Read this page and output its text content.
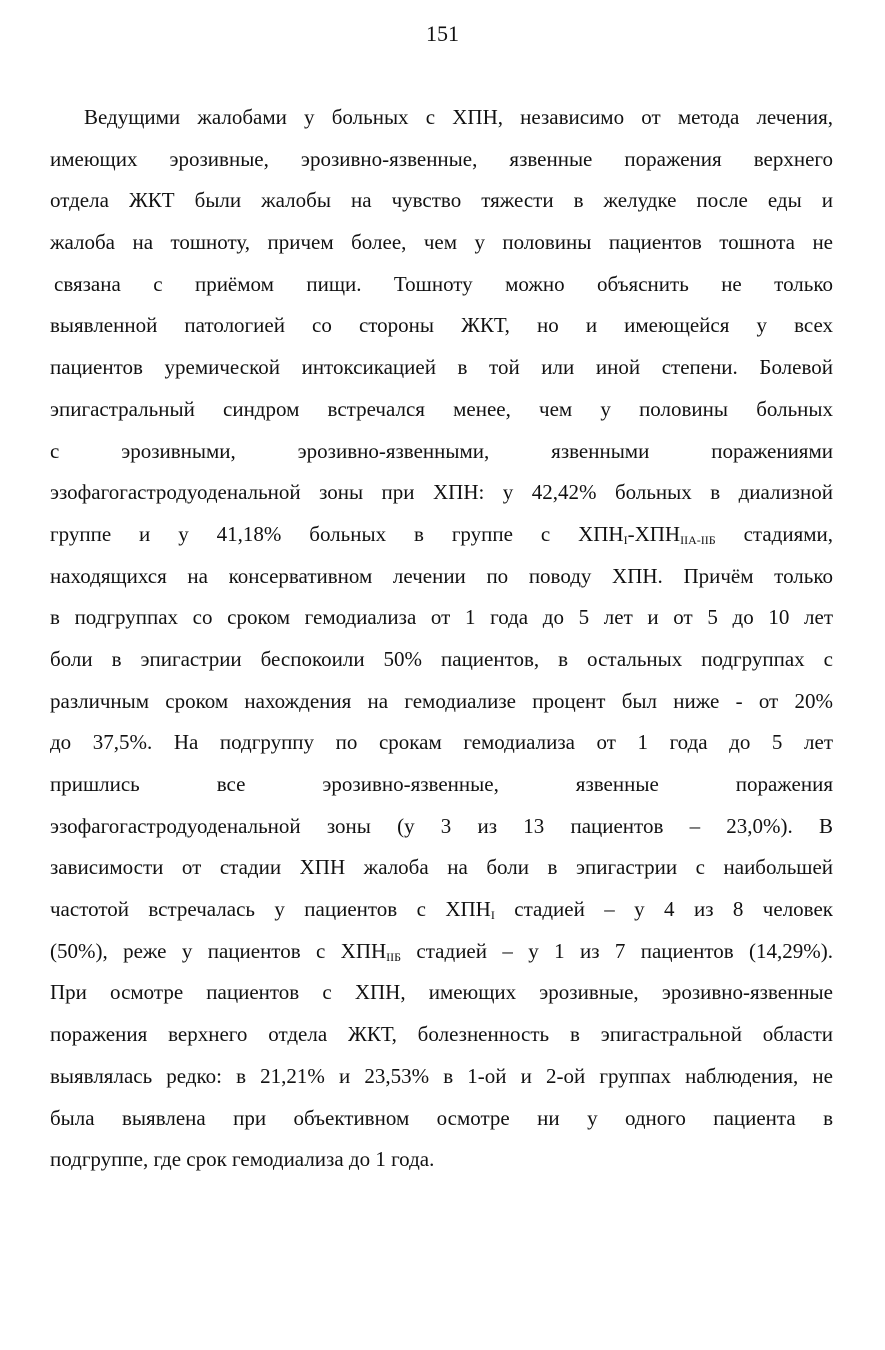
151
Ведущими жалобами у больных с ХПН, независимо от метода лечения,
имеющих эрозивные, эрозивно-язвенные, язвенные поражения верхнего
отдела ЖКТ были жалобы на чувство тяжести в желудке после еды и
жалоба на тошноту, причем более, чем у половины пациентов тошнота не
связана с приёмом пищи. Тошноту можно объяснить не только
выявленной патологией со стороны ЖКТ, но и имеющейся у всех
пациентов уремической интоксикацией в той или иной степени. Болевой
эпигастральный синдром встречался менее, чем у половины больных
с эрозивными, эрозивно-язвенными, язвенными поражениями
эзофагогастродуоденальной зоны при ХПН: у 42,42% больных в диализной
группе и у 41,18% больных в группе с $ХПН_I-ХПН_{IIA-IIБ}$ стадиями,
находящихся на консервативном лечении по поводу ХПН. Причём только
в подгруппах со сроком гемодиализа от 1 года до 5 лет и от 5 до 10 лет
боли в эпигастрии беспокоили 50% пациентов, в остальных подгруппах с
различным сроком нахождения на гемодиализе процент был ниже - от 20%
до 37,5%. На подгруппу по срокам гемодиализа от 1 года до 5 лет
пришлись все эрозивно-язвенные, язвенные поражения
эзофагогастродуоденальной зоны (у 3 из 13 пациентов – 23,0%). В
зависимости от стадии ХПН жалоба на боли в эпигастрии с наибольшей
частотой встречалась у пациентов с $ХПН_I$ стадией – у 4 из 8 человек
(50%), реже у пациентов с $ХПН_{IIБ}$ стадией – у 1 из 7 пациентов (14,29%).
При осмотре пациентов с ХПН, имеющих эрозивные, эрозивно-язвенные
поражения верхнего отдела ЖКТ, болезненность в эпигастральной области
выявлялась редко: в 21,21% и 23,53% в 1-ой и 2-ой группах наблюдения, не
была выявлена при объективном осмотре ни у одного пациента в
подгруппе, где срок гемодиализа до 1 года.
